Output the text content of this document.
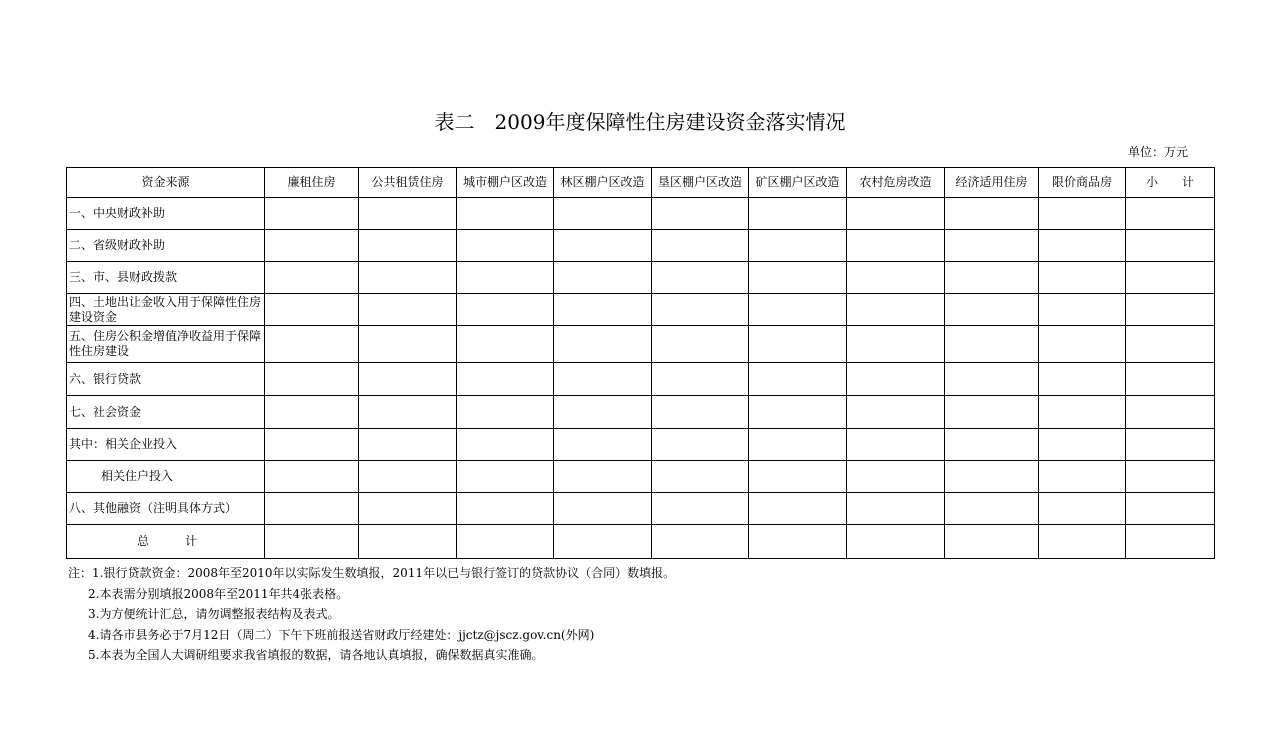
表二　2009年度保障性住房建设资金落实情况
单位：万元
资金来源	廉租住房	公共租赁住房	城市棚户区改造	林区棚户区改造	垦区棚户区改造	矿区棚户区改造	农村危房改造	经济适用住房	限价商品房	小　　计
一、中央财政补助										
二、省级财政补助										
三、市、县财政拨款										
四、土地出让金收入用于保障性住房建设资金										
五、住房公积金增值净收益用于保障性住房建设										
六、银行贷款										
七、社会资金										
其中：相关企业投入										
相关住户投入										
八、其他融资（注明具体方式）										
总　　　计										
注：1.银行贷款资金：2008年至2010年以实际发生数填报，2011年以已与银行签订的贷款协议（合同）数填报。
2.本表需分别填报2008年至2011年共4张表格。
3.为方便统计汇总，请勿调整报表结构及表式。
4.请各市县务必于7月12日（周二）下午下班前报送省财政厅经建处：jjctz@jscz.gov.cn(外网)
5.本表为全国人大调研组要求我省填报的数据，请各地认真填报，确保数据真实准确。
